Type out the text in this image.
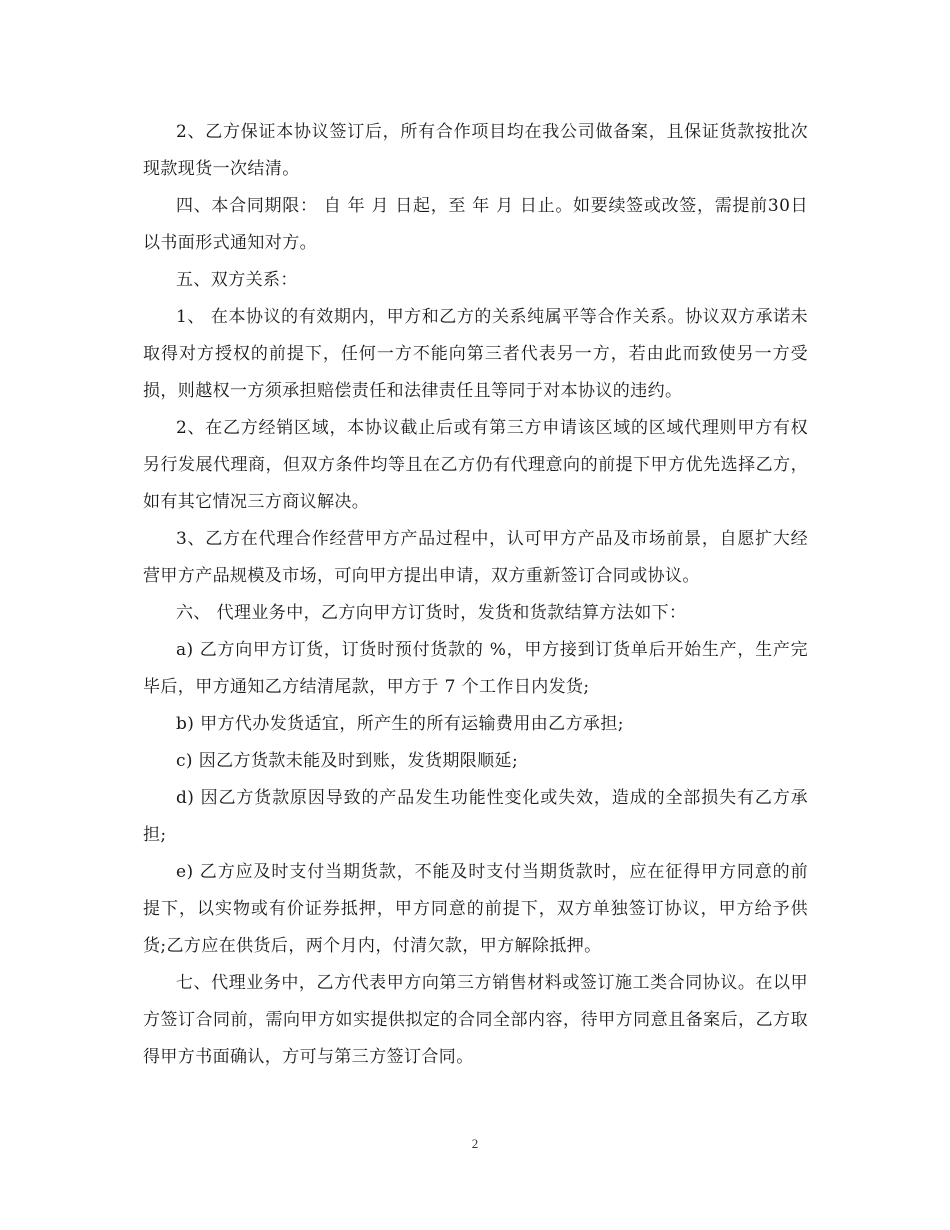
2、乙方保证本协议签订后，所有合作项目均在我公司做备案，且保证货款按批次现款现货一次结清。

四、本合同期限： 自 年 月 日起，至 年 月 日止。如要续签或改签，需提前30日以书面形式通知对方。

五、双方关系：

1、 在本协议的有效期内，甲方和乙方的关系纯属平等合作关系。协议双方承诺未取得对方授权的前提下，任何一方不能向第三者代表另一方，若由此而致使另一方受损，则越权一方须承担赔偿责任和法律责任且等同于对本协议的违约。

2、在乙方经销区域，本协议截止后或有第三方申请该区域的区域代理则甲方有权另行发展代理商，但双方条件均等且在乙方仍有代理意向的前提下甲方优先选择乙方，如有其它情况三方商议解决。

3、乙方在代理合作经营甲方产品过程中，认可甲方产品及市场前景，自愿扩大经营甲方产品规模及市场，可向甲方提出申请，双方重新签订合同或协议。

六、 代理业务中，乙方向甲方订货时，发货和货款结算方法如下：

a) 乙方向甲方订货，订货时预付货款的 %，甲方接到订货单后开始生产，生产完毕后，甲方通知乙方结清尾款，甲方于 7 个工作日内发货;

b) 甲方代办发货适宜，所产生的所有运输费用由乙方承担;

c) 因乙方货款未能及时到账，发货期限顺延;

d) 因乙方货款原因导致的产品发生功能性变化或失效，造成的全部损失有乙方承担;

e) 乙方应及时支付当期货款，不能及时支付当期货款时，应在征得甲方同意的前提下，以实物或有价证券抵押，甲方同意的前提下，双方单独签订协议，甲方给予供货;乙方应在供货后，两个月内，付清欠款，甲方解除抵押。

七、代理业务中，乙方代表甲方向第三方销售材料或签订施工类合同协议。在以甲方签订合同前，需向甲方如实提供拟定的合同全部内容，待甲方同意且备案后，乙方取得甲方书面确认，方可与第三方签订合同。

2
